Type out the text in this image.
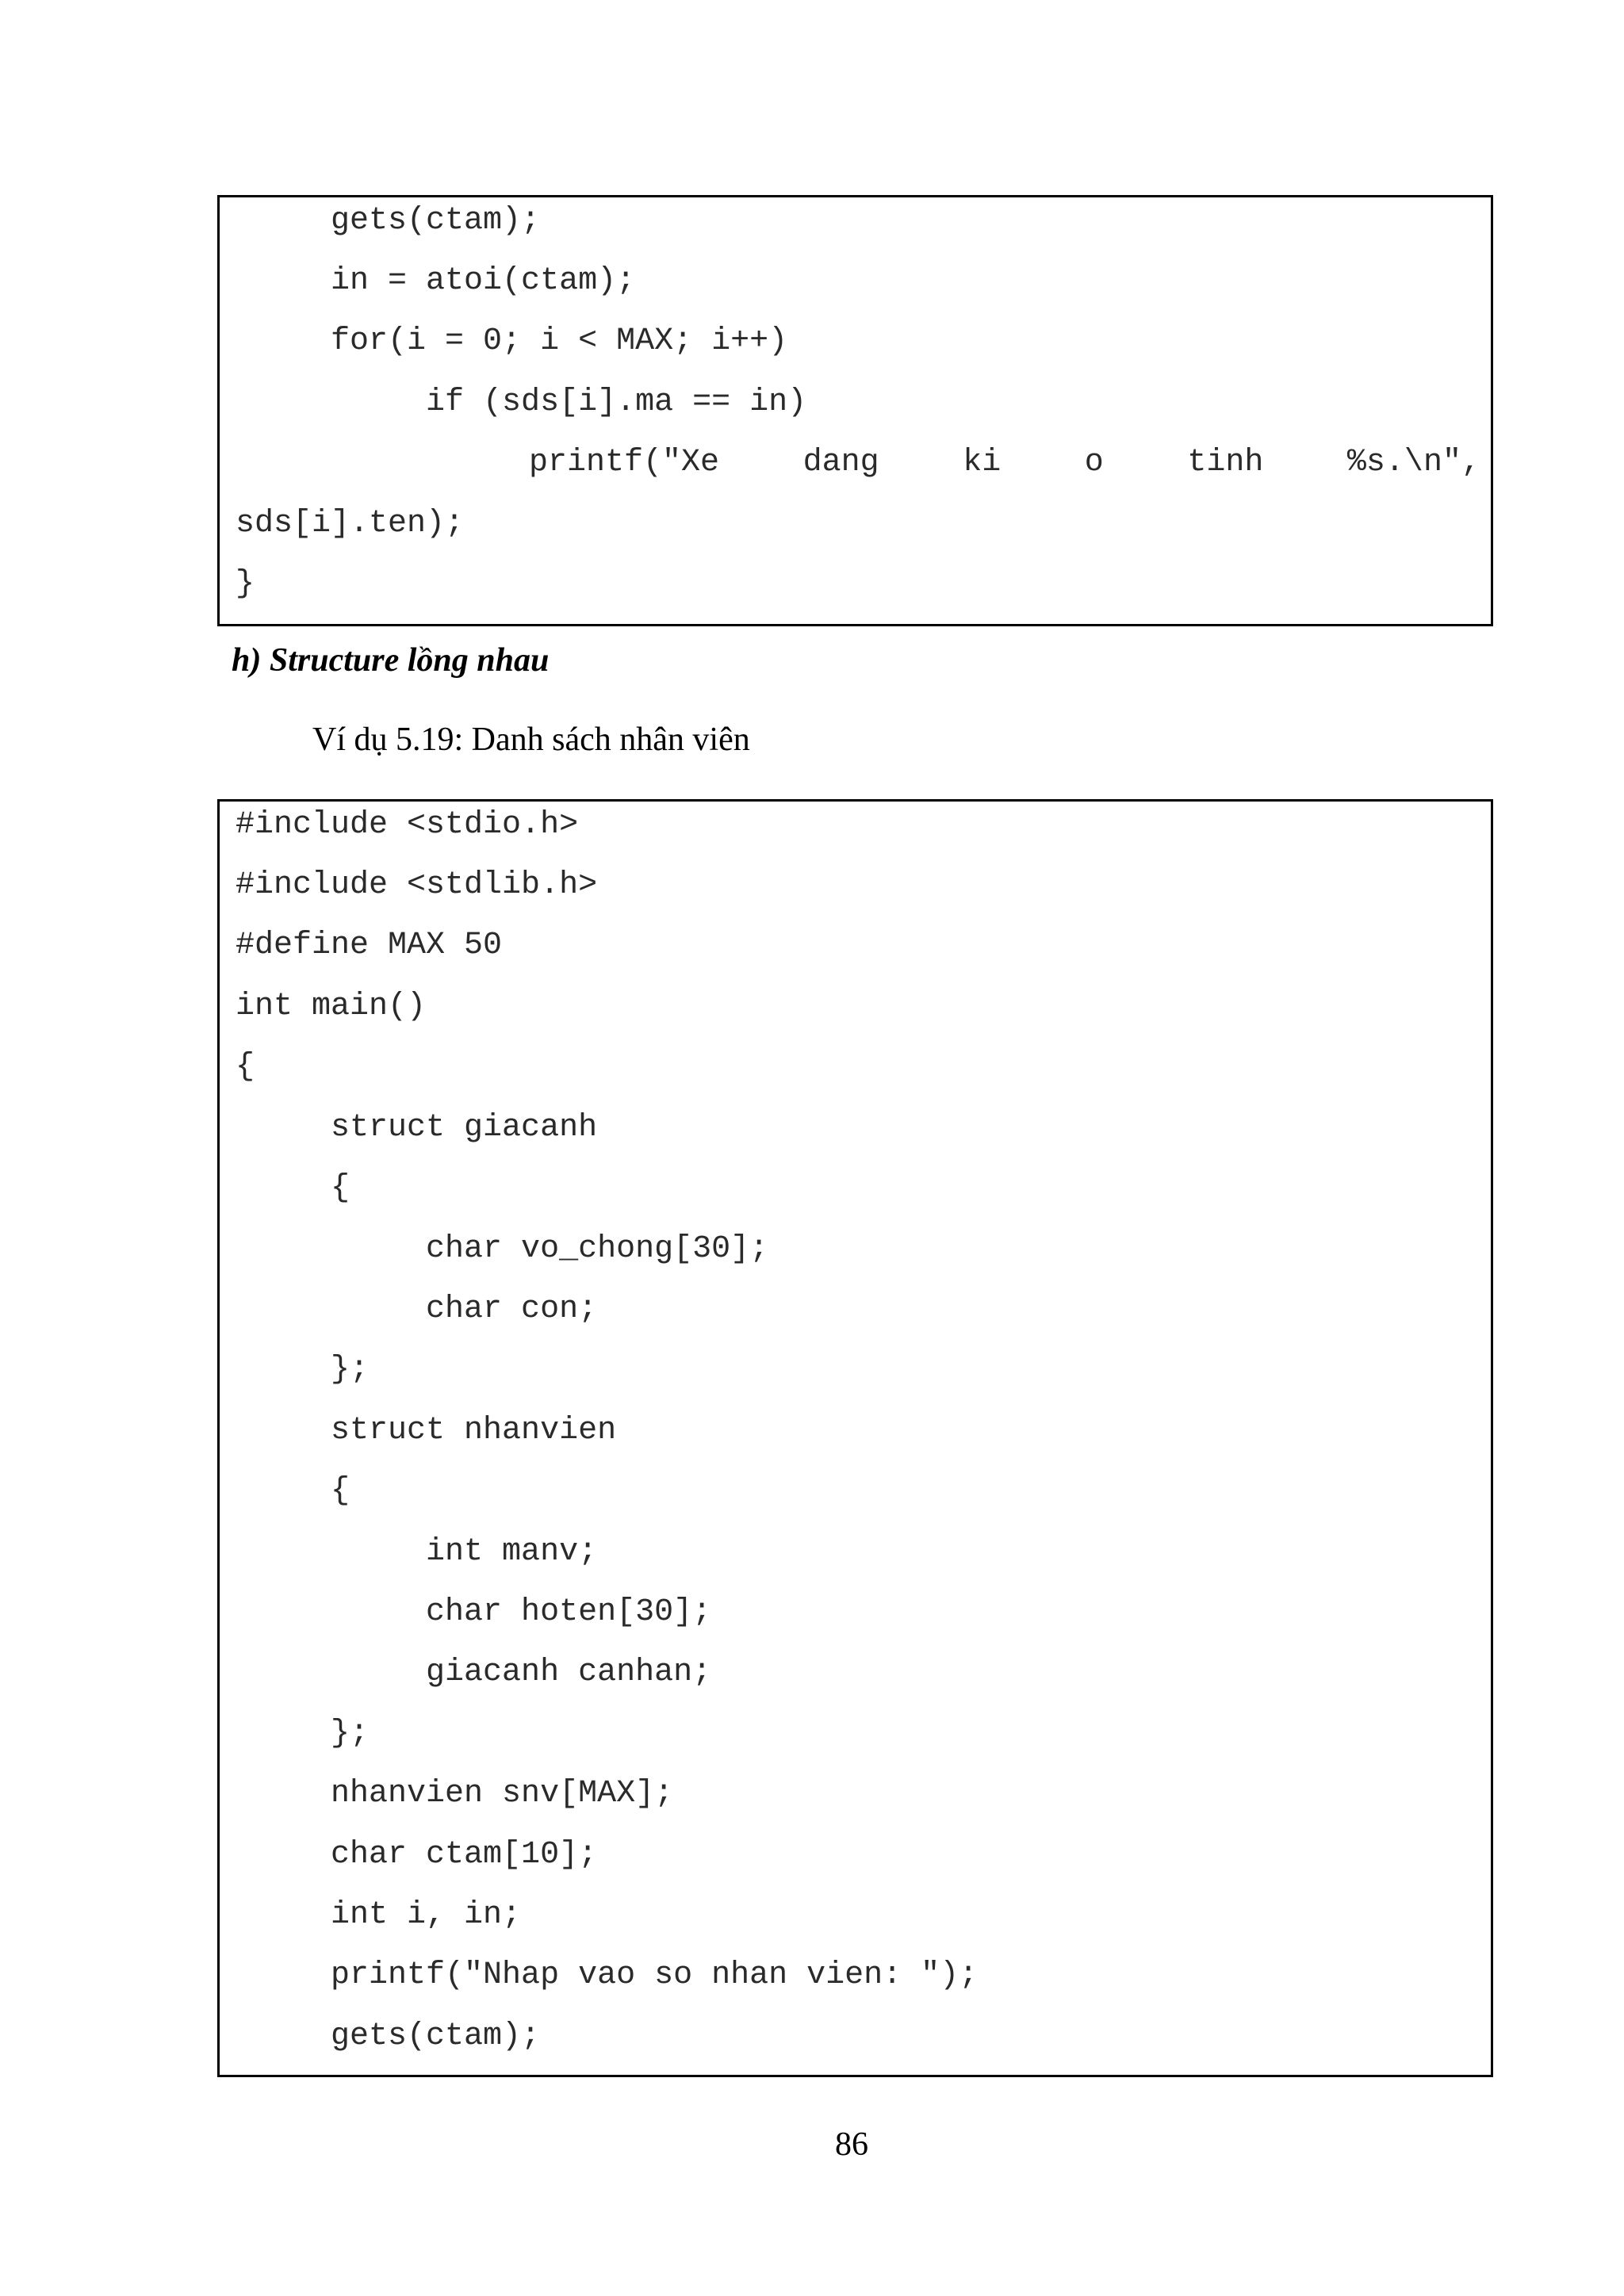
gets(ctam);
in = atoi(ctam);
for(i = 0; i < MAX; i++)
if (sds[i].ma == in)
printf("Xe	dang	ki	o	tinh	%s.\n",
sds[i].ten);
}

h) Structure lồng nhau

Ví dụ 5.19: Danh sách nhân viên

#include <stdio.h>
#include <stdlib.h>
#define MAX 50
int main()
{
struct giacanh
{
char vo_chong[30];
char con;
};
struct nhanvien
{
int manv;
char hoten[30];
giacanh canhan;
};
nhanvien snv[MAX];
char ctam[10];
int i, in;
printf("Nhap vao so nhan vien: ");
gets(ctam);

86
